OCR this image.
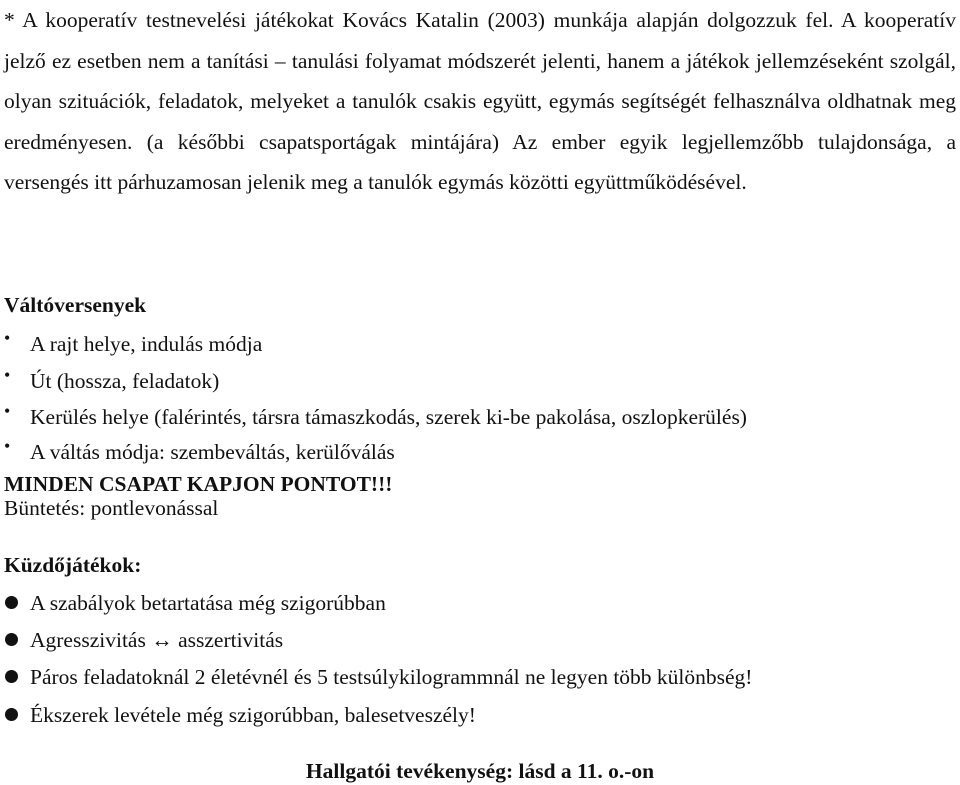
* A kooperatív testnevelési játékokat Kovács Katalin (2003) munkája alapján dolgozzuk fel. A kooperatív jelző ez esetben nem a tanítási – tanulási folyamat módszerét jelenti, hanem a játékok jellemzéseként szolgál, olyan szituációk, feladatok, melyeket a tanulók csakis együtt, egymás segítségét felhasználva oldhatnak meg eredményesen. (a későbbi csapatsportágak mintájára) Az ember egyik legjellemzőbb tulajdonsága, a versengés itt párhuzamosan jelenik meg a tanulók egymás közötti együttműködésével.
Váltóversenyek
• A rajt helye, indulás módja
• Út (hossza, feladatok)
• Kerülés helye (falérintés, társra támaszkodás, szerek ki-be pakolása, oszlopkerülés)
• A váltás módja: szembeváltás, kerülőválás
MINDEN CSAPAT KAPJON PONTOT!!!
Büntetés: pontlevonással
Küzdőjátékok:
A szabályok betartatása még szigorúbban
Agresszivitás ↔ asszertivitás
Páros feladatoknál 2 életévnél és 5 testsúlykilogrammnál ne legyen több különbség!
Ékszerek levétele még szigorúbban, balesetveszély!
Hallgatói tevékenység: lásd a 11. o.-on
